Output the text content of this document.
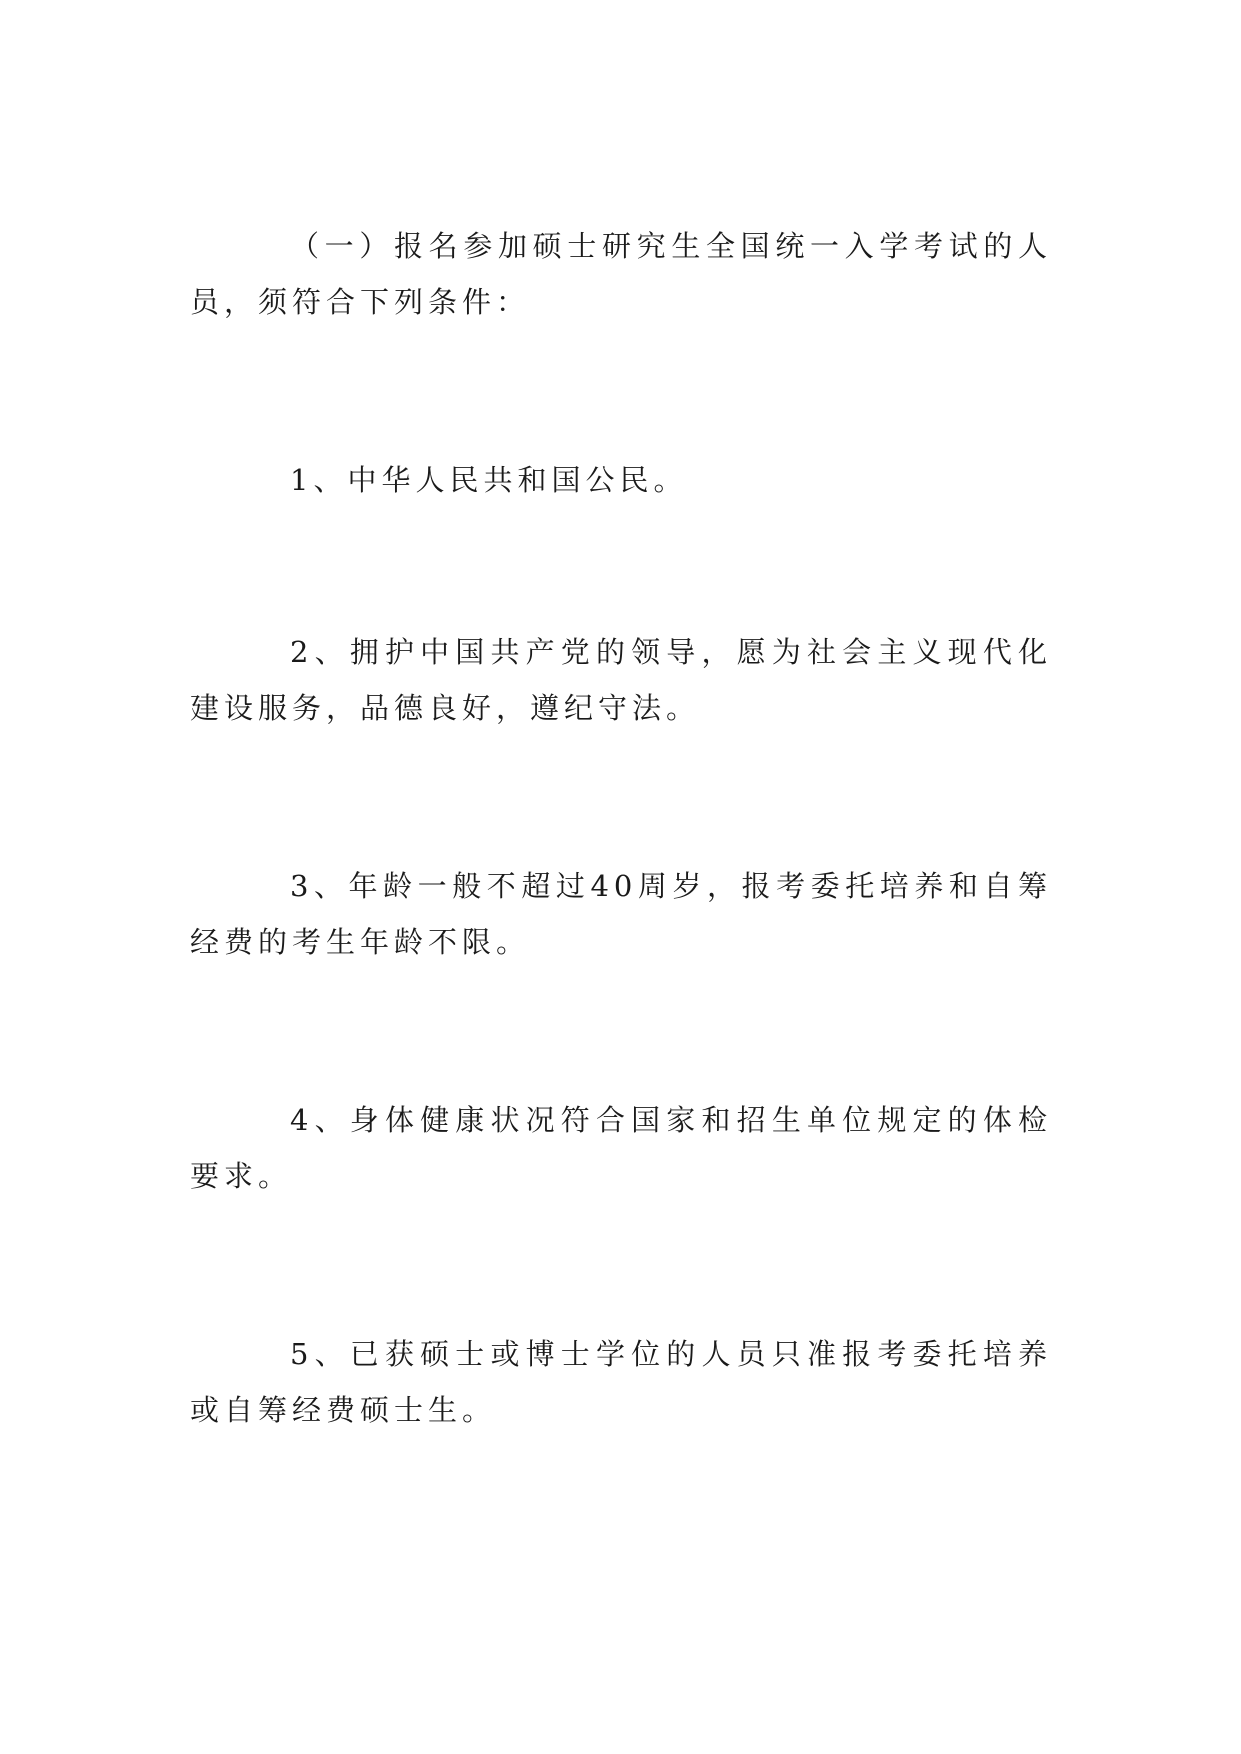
（一）报名参加硕士研究生全国统一入学考试的人员，须符合下列条件：

1、中华人民共和国公民。

2、拥护中国共产党的领导，愿为社会主义现代化建设服务，品德良好，遵纪守法。

3、年龄一般不超过40周岁，报考委托培养和自筹经费的考生年龄不限。

4、身体健康状况符合国家和招生单位规定的体检要求。

5、已获硕士或博士学位的人员只准报考委托培养或自筹经费硕士生。
